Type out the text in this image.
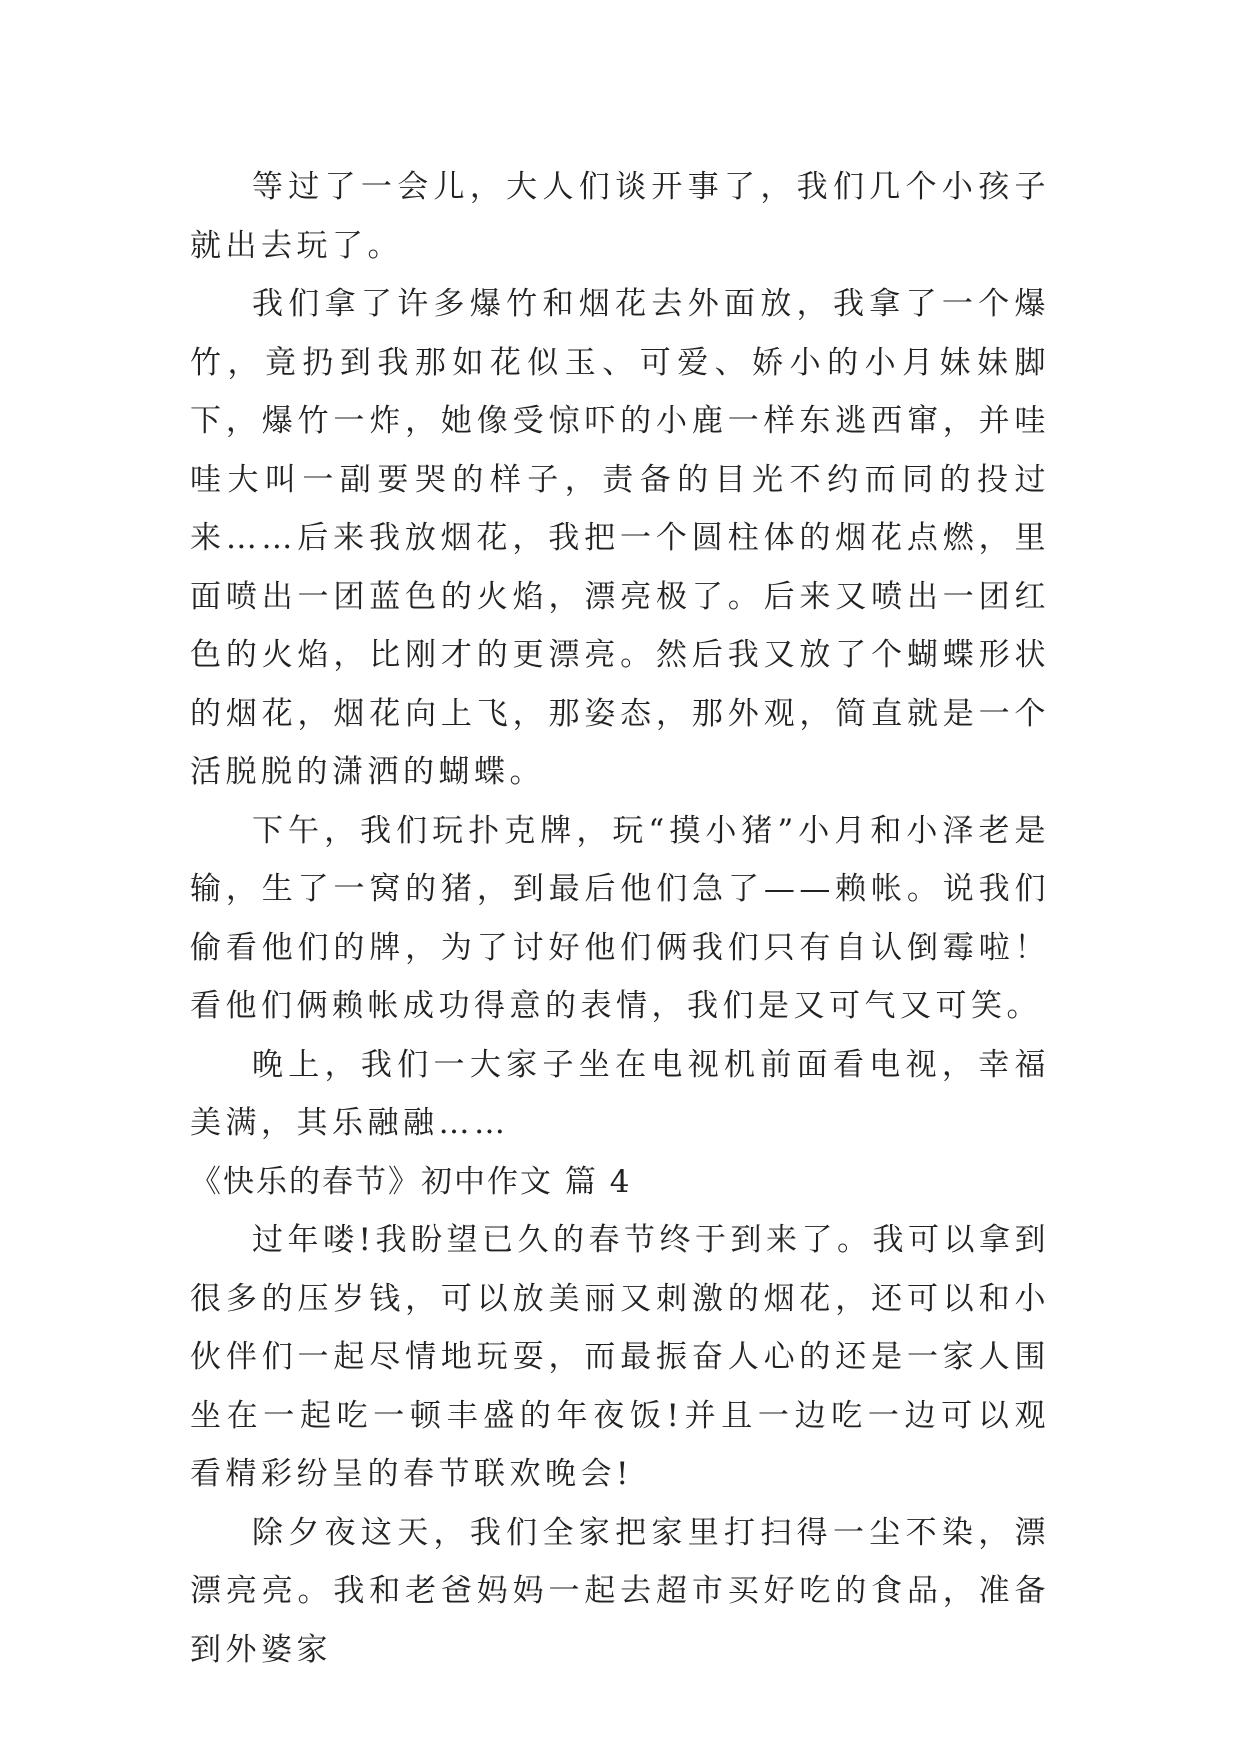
等过了一会儿，大人们谈开事了，我们几个小孩子就出去玩了。

我们拿了许多爆竹和烟花去外面放，我拿了一个爆竹，竟扔到我那如花似玉、可爱、娇小的小月妹妹脚下，爆竹一炸，她像受惊吓的小鹿一样东逃西窜，并哇哇大叫一副要哭的样子，责备的目光不约而同的投过来……后来我放烟花，我把一个圆柱体的烟花点燃，里面喷出一团蓝色的火焰，漂亮极了。后来又喷出一团红色的火焰，比刚才的更漂亮。然后我又放了个蝴蝶形状的烟花，烟花向上飞，那姿态，那外观，简直就是一个活脱脱的潇洒的蝴蝶。

下午，我们玩扑克牌，玩“摸小猪”小月和小泽老是输，生了一窝的猪，到最后他们急了——赖帐。说我们偷看他们的牌，为了讨好他们俩我们只有自认倒霉啦！看他们俩赖帐成功得意的表情，我们是又可气又可笑。

晚上，我们一大家子坐在电视机前面看电视，幸福美满，其乐融融……

《快乐的春节》初中作文 篇 4

过年喽!我盼望已久的春节终于到来了。我可以拿到很多的压岁钱，可以放美丽又刺激的烟花，还可以和小伙伴们一起尽情地玩耍，而最振奋人心的还是一家人围坐在一起吃一顿丰盛的年夜饭!并且一边吃一边可以观看精彩纷呈的春节联欢晚会!

除夕夜这天，我们全家把家里打扫得一尘不染，漂漂亮亮。我和老爸妈妈一起去超市买好吃的食品，准备到外婆家
